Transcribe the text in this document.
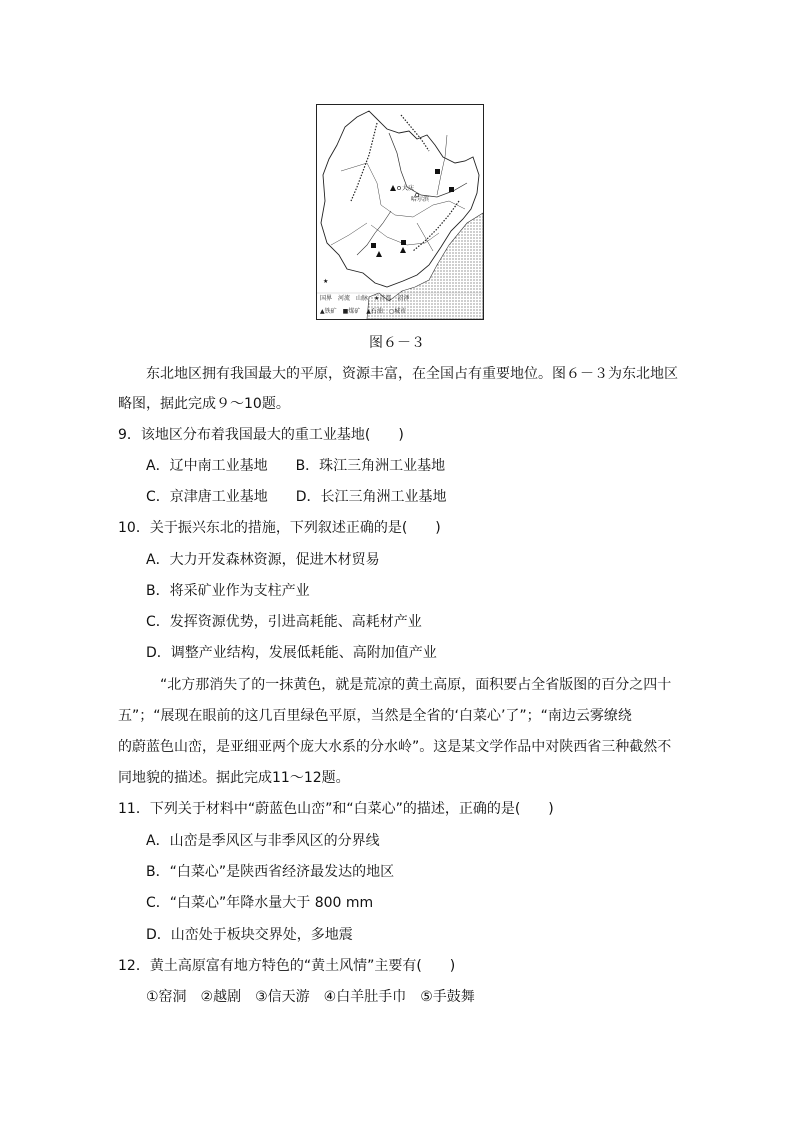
大庆
哈尔滨
★
国界　河流　山脉　★首都　沼泽
▲铁矿　■煤矿　▲石油　○城市
图６－３
东北地区拥有我国最大的平原，资源丰富，在全国占有重要地位。图６－３为东北地区
略图，据此完成９～10题。
9．该地区分布着我国最大的重工业基地(　　)
A．辽中南工业基地　　B．珠江三角洲工业基地
C．京津唐工业基地　　D．长江三角洲工业基地
10．关于振兴东北的措施，下列叙述正确的是(　　)
A．大力开发森林资源，促进木材贸易
B．将采矿业作为支柱产业
C．发挥资源优势，引进高耗能、高耗材产业
D．调整产业结构，发展低耗能、高附加值产业
“北方那消失了的一抹黄色，就是荒凉的黄土高原，面积要占全省版图的百分之四十
五”；“展现在眼前的这几百里绿色平原，当然是全省的‘白菜心’了”；“南边云雾缭绕
的蔚蓝色山峦，是亚细亚两个庞大水系的分水岭”。这是某文学作品中对陕西省三种截然不
同地貌的描述。据此完成11～12题。
11．下列关于材料中“蔚蓝色山峦”和“白菜心”的描述，正确的是(　　)
A．山峦是季风区与非季风区的分界线
B．“白菜心”是陕西省经济最发达的地区
C．“白菜心”年降水量大于 800 mm
D．山峦处于板块交界处，多地震
12．黄土高原富有地方特色的“黄土风情”主要有(　　)
①窑洞　②越剧　③信天游　④白羊肚手巾　⑤手鼓舞
